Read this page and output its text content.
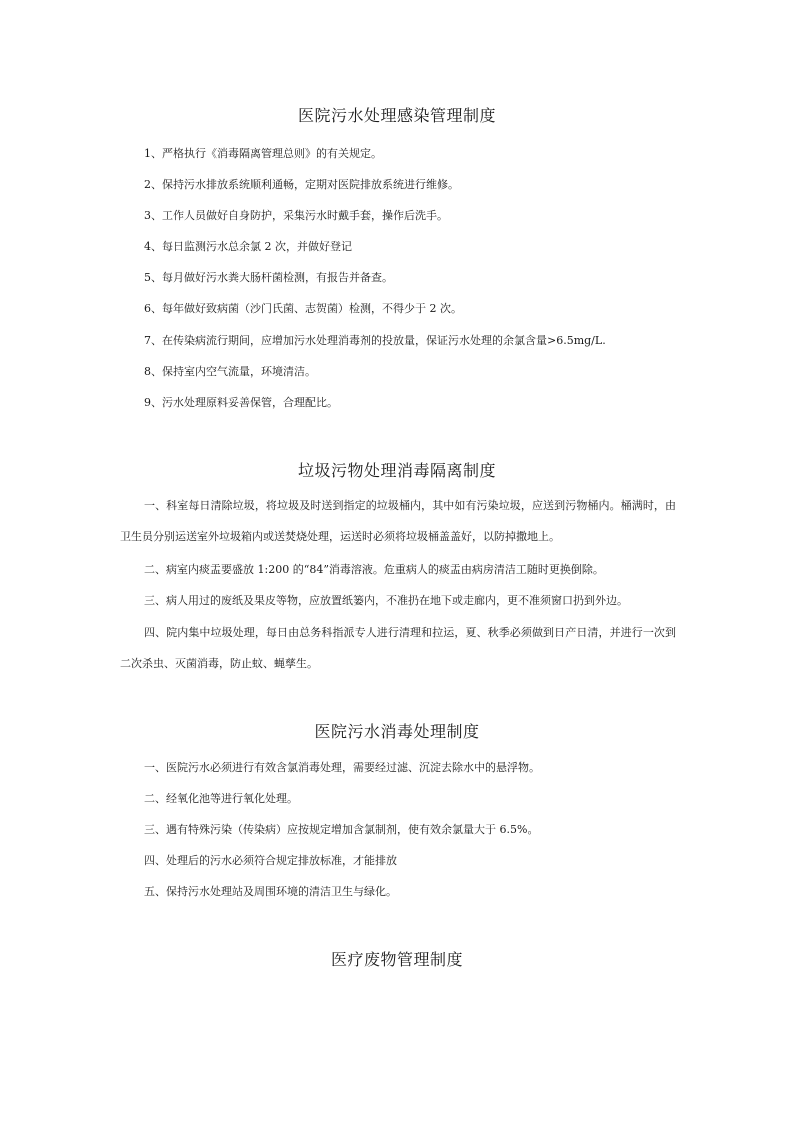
医院污水处理感染管理制度
1、严格执行《消毒隔离管理总则》的有关规定。
2、保持污水排放系统顺利通畅，定期对医院排放系统进行维修。
3、工作人员做好自身防护，采集污水时戴手套，操作后洗手。
4、每日监测污水总余氯 2 次，并做好登记
5、每月做好污水粪大肠杆菌检测，有报告并备查。
6、每年做好致病菌（沙门氏菌、志贺菌）检测，不得少于 2 次。
7、在传染病流行期间，应增加污水处理消毒剂的投放量，保证污水处理的余氯含量>6.5mg/L.
8、保持室内空气流量，环境清洁。
9、污水处理原料妥善保管，合理配比。
垃圾污物处理消毒隔离制度
一、科室每日清除垃圾，将垃圾及时送到指定的垃圾桶内，其中如有污染垃圾，应送到污物桶内。桶满时，由卫生员分别运送室外垃圾箱内或送焚烧处理，运送时必须将垃圾桶盖盖好，以防掉撒地上。
二、病室内痰盂要盛放 1:200 的“84”消毒溶液。危重病人的痰盂由病房清洁工随时更换倒除。
三、病人用过的废纸及果皮等物，应放置纸篓内，不准扔在地下或走廊内，更不准须窗口扔到外边。
四、院内集中垃圾处理，每日由总务科指派专人进行清理和拉运，夏、秋季必须做到日产日清，并进行一次到二次杀虫、灭菌消毒，防止蚊、蝇孳生。
医院污水消毒处理制度
一、医院污水必须进行有效含氯消毒处理，需要经过滤、沉淀去除水中的悬浮物。
二、经氧化池等进行氧化处理。
三、遇有特殊污染（传染病）应按规定增加含氯制剂，使有效余氯量大于 6.5%。
四、处理后的污水必须符合规定排放标准，才能排放
五、保持污水处理站及周围环境的清洁卫生与绿化。
医疗废物管理制度
